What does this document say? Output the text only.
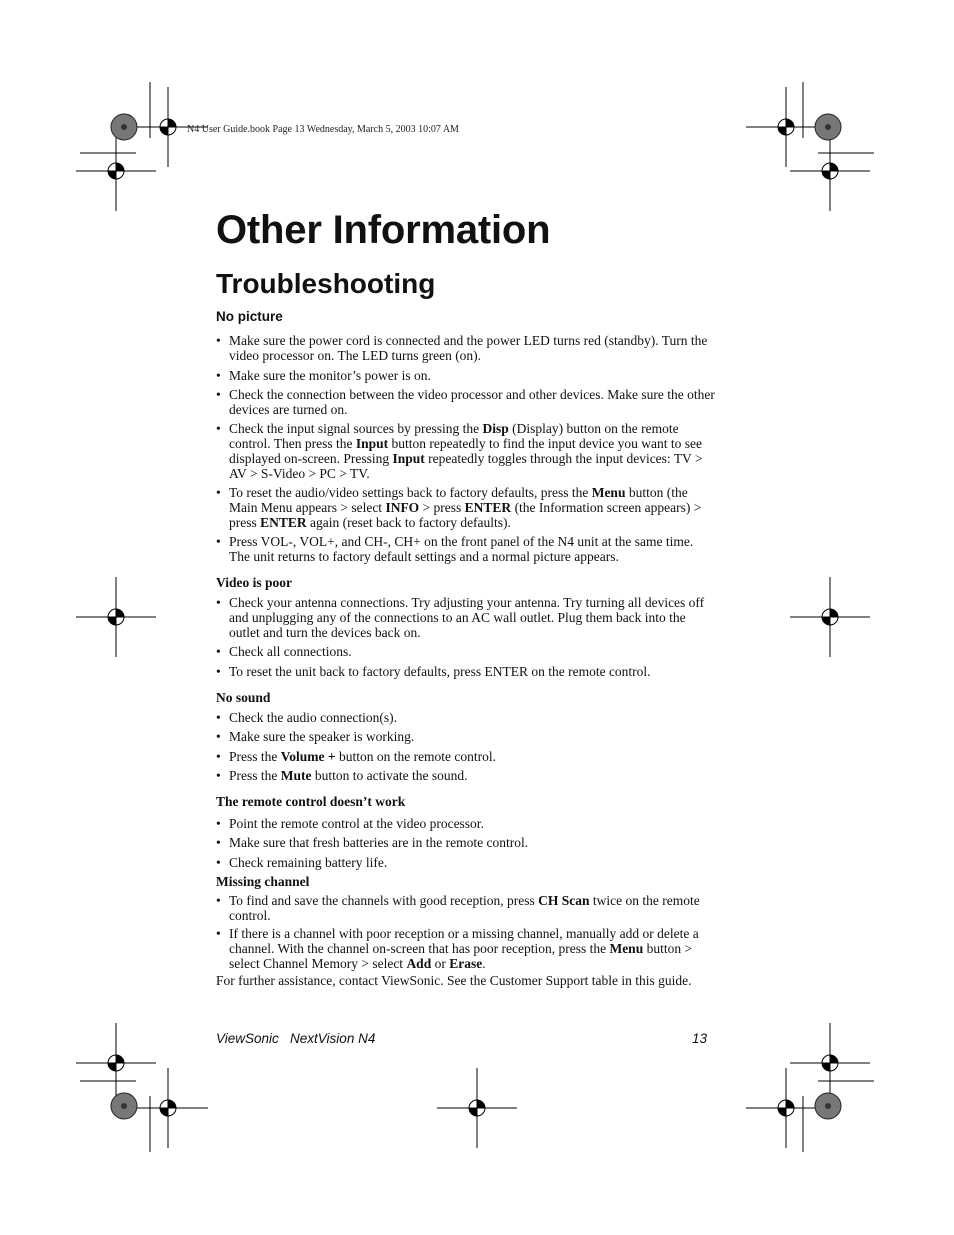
N4 User Guide.book Page 13 Wednesday, March 5, 2003 10:07 AM
Other Information
Troubleshooting
No picture
• Make sure the power cord is connected and the power LED turns red (standby). Turn the video processor on. The LED turns green (on).
• Make sure the monitor’s power is on.
• Check the connection between the video processor and other devices. Make sure the other devices are turned on.
• Check the input signal sources by pressing the Disp (Display) button on the remote control. Then press the Input button repeatedly to find the input device you want to see displayed on-screen. Pressing Input repeatedly toggles through the input devices: TV > AV > S-Video > PC > TV.
• To reset the audio/video settings back to factory defaults, press the Menu button (the Main Menu appears > select INFO > press ENTER (the Information screen appears) > press ENTER again (reset back to factory defaults).
• Press VOL-, VOL+, and CH-, CH+ on the front panel of the N4 unit at the same time. The unit returns to factory default settings and a normal picture appears.
Video is poor
• Check your antenna connections. Try adjusting your antenna. Try turning all devices off and unplugging any of the connections to an AC wall outlet. Plug them back into the outlet and turn the devices back on.
• Check all connections.
• To reset the unit back to factory defaults, press ENTER on the remote control.
No sound
• Check the audio connection(s).
• Make sure the speaker is working.
• Press the Volume + button on the remote control.
• Press the Mute button to activate the sound.
The remote control doesn’t work
• Point the remote control at the video processor.
• Make sure that fresh batteries are in the remote control.
• Check remaining battery life.
Missing channel
• To find and save the channels with good reception, press CH Scan twice on the remote control.
• If there is a channel with poor reception or a missing channel, manually add or delete a channel. With the channel on-screen that has poor reception, press the Menu button > select Channel Memory > select Add or Erase.
For further assistance, contact ViewSonic. See the Customer Support table in this guide.
ViewSonic   NextVision N4	13
